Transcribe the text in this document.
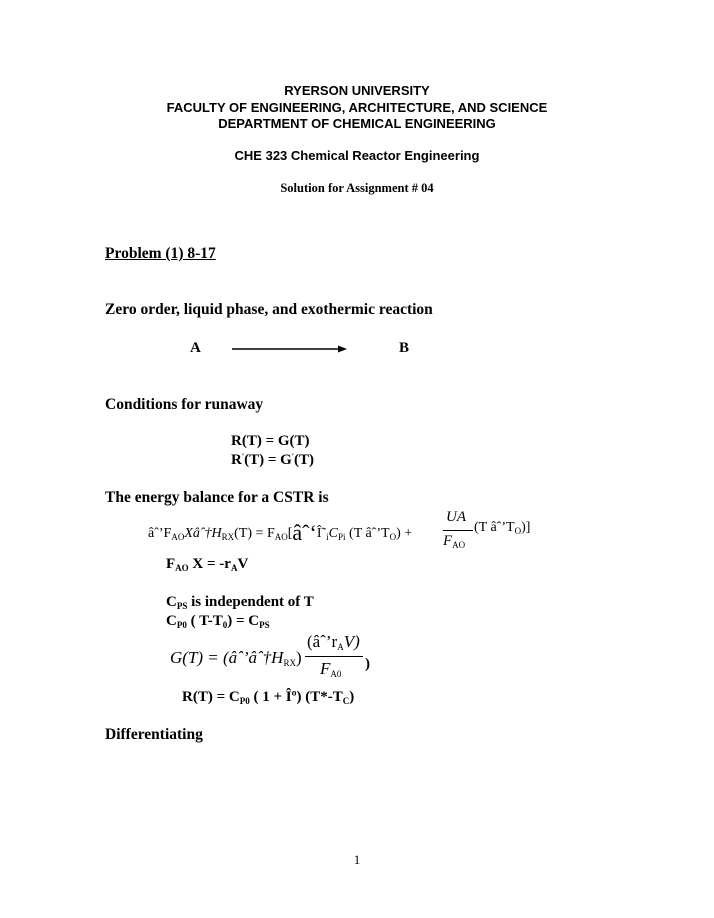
RYERSON UNIVERSITY
FACULTY OF ENGINEERING, ARCHITECTURE, AND SCIENCE
DEPARTMENT OF CHEMICAL ENGINEERING
CHE 323 Chemical Reactor Engineering
Solution for Assignment # 04
Problem (1) 8-17
Zero order, liquid phase, and exothermic reaction
A	B
Conditions for runaway
R(T) = G(T)
R'(T) = G'(T)
The energy balance for a CSTR is
$âˆ’F_{AO}Xâˆ\dagger H_{RX}(T)$ = $F_{AO}[âˆ‘Î˜_iC_{Pi}$ (T $âˆ’T_O$) +
UA
$F_{AO}$
(T $âˆ’T_O$)]
$F_{AO}$ $X = -r_AV$
$C_{PS}$ is independent of T
$C_{P0}$ ( $T-T_0) = C_{PS}$
$G(T) = (âˆ’âˆ\dagger H_{RX})$
$(âˆ’r_AV)$
$F_{A0}$
)
$R(T) = C_{P0}$ ( 1 + Îº) $(T*-T_C)$
Differentiating
1
